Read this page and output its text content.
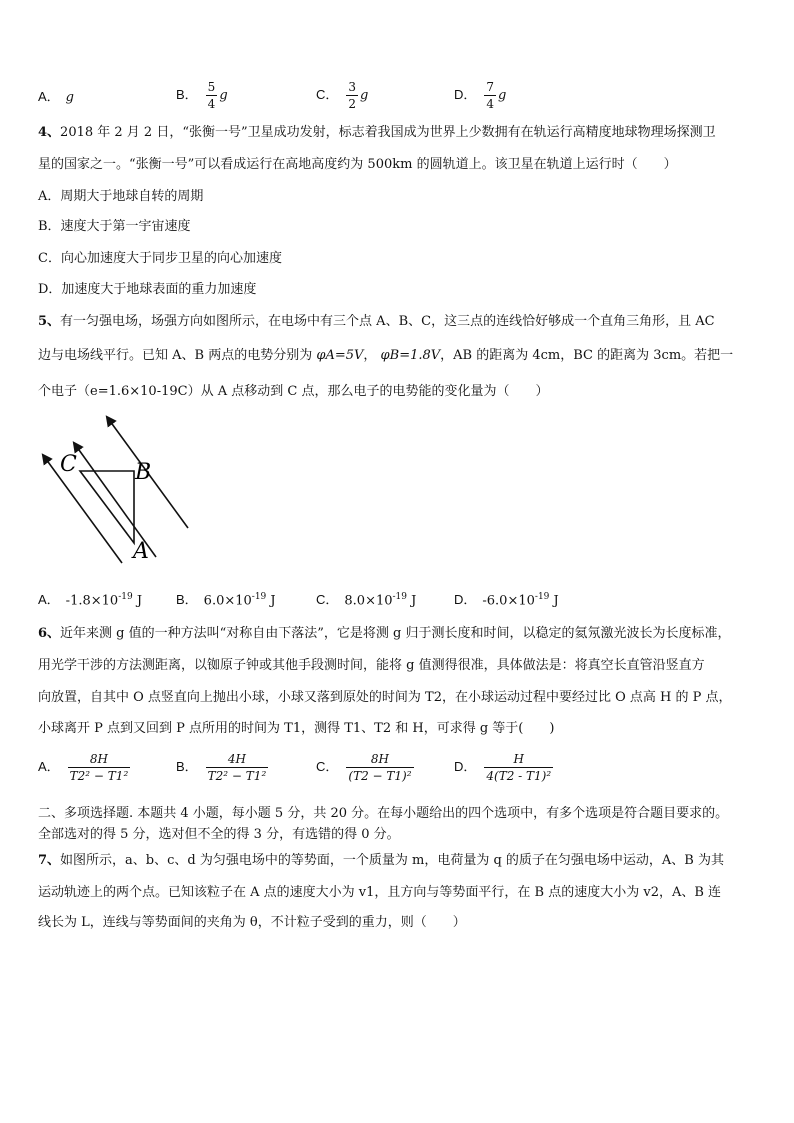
A． g	B． $\frac{5}{4}$ g	C． $\frac{3}{2}$ g	D． $\frac{7}{4}$ g
4、2018 年 2 月 2 日，“张衡一号”卫星成功发射，标志着我国成为世界上少数拥有在轨运行高精度地球物理场探测卫
星的国家之一。“张衡一号”可以看成运行在高地高度约为 500km 的圆轨道上。该卫星在轨道上运行时（　　）
A．周期大于地球自转的周期
B．速度大于第一宇宙速度
C．向心加速度大于同步卫星的向心加速度
D．加速度大于地球表面的重力加速度
5、有一匀强电场，场强方向如图所示，在电场中有三个点 A、B、C，这三点的连线恰好够成一个直角三角形，且 AC
边与电场线平行。已知 A、B 两点的电势分别为 φA=5V， φB=1.8V，AB 的距离为 4cm，BC 的距离为 3cm。若把一
个电子（e=1.6×10-19C）从 A 点移动到 C 点，那么电子的电势能的变化量为（　　）
C	B
A
A． $-1.8\times 10^{-19}$ J	B． $6.0\times 10^{-19}$ J	C． $8.0\times 10^{-19}$ J	D． $-6.0\times 10^{-19}$ J
6、近年来测 g 值的一种方法叫“对称自由下落法”，它是将测 g 归于测长度和时间，以稳定的氦氖激光波长为长度标准，
用光学干涉的方法测距离，以铷原子钟或其他手段测时间，能将 g 值测得很准，具体做法是：将真空长直管沿竖直方
向放置，自其中 O 点竖直向上抛出小球，小球又落到原处的时间为 T2，在小球运动过程中要经过比 O 点高 H 的 P 点，
小球离开 P 点到又回到 P 点所用的时间为 T1，测得 T1、T2 和 H，可求得 g 等于(　　)
A． $\frac{8H}{\text{T2² − T1²}}$	B． $\frac{4H}{\text{T2² − T1²}}$	C． $\frac{8H}{\text{(T2 − T1)²}}$	D． $\frac{H}{\text{4(T2 - T1)²}}$
二、多项选择题. 本题共 4 小题，每小题 5 分，共 20 分。在每小题给出的四个选项中，有多个选项是符合题目要求的。
全部选对的得 5 分，选对但不全的得 3 分，有选错的得 0 分。
7、如图所示，a、b、c、d 为匀强电场中的等势面，一个质量为 m，电荷量为 q 的质子在匀强电场中运动，A、B 为其
运动轨迹上的两个点。已知该粒子在 A 点的速度大小为 v1，且方向与等势面平行，在 B 点的速度大小为 v2，A、B 连
线长为 L，连线与等势面间的夹角为 θ，不计粒子受到的重力，则（　　）
